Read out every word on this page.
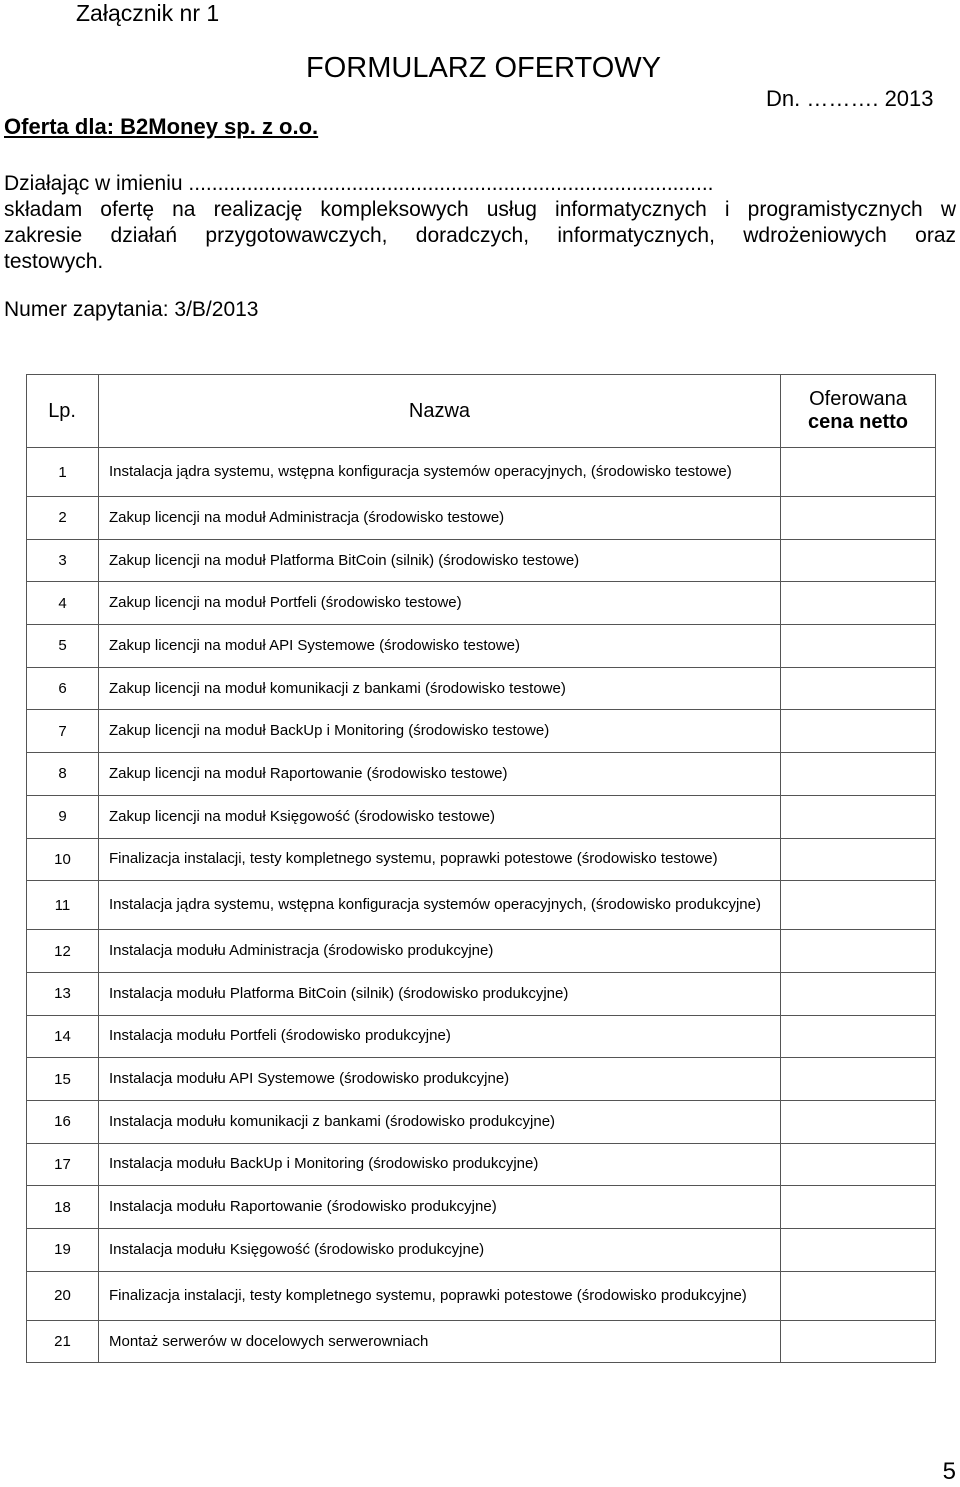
Załącznik nr 1
FORMULARZ OFERTOWY
Oferta dla: B2Money sp. z o.o.
Dn. ………. 2013
Działając w imieniu ..........................................................................................
składam ofertę na realizację kompleksowych usług informatycznych i programistycznych w
zakresie działań przygotowawczych, doradczych, informatycznych, wdrożeniowych oraz
testowych.
Numer zapytania: 3/B/2013
Lp.	Nazwa	Oferowana
cena netto

1	Instalacja jądra systemu, wstępna konfiguracja systemów operacyjnych, (środowisko testowe)	
2	Zakup licencji na moduł Administracja (środowisko testowe)	
3	Zakup licencji na moduł Platforma BitCoin (silnik) (środowisko testowe)	
4	Zakup licencji na moduł Portfeli (środowisko testowe)	
5	Zakup licencji na moduł API Systemowe (środowisko testowe)	
6	Zakup licencji na moduł komunikacji z bankami (środowisko testowe)	
7	Zakup licencji na moduł BackUp i Monitoring (środowisko testowe)	
8	Zakup licencji na moduł Raportowanie (środowisko testowe)	
9	Zakup licencji na moduł Księgowość (środowisko testowe)	
10	Finalizacja instalacji, testy kompletnego systemu, poprawki potestowe (środowisko testowe)	
11	Instalacja jądra systemu, wstępna konfiguracja systemów operacyjnych, (środowisko produkcyjne)	
12	Instalacja modułu Administracja (środowisko produkcyjne)	
13	Instalacja modułu Platforma BitCoin (silnik) (środowisko produkcyjne)	
14	Instalacja modułu Portfeli (środowisko produkcyjne)	
15	Instalacja modułu API Systemowe (środowisko produkcyjne)	
16	Instalacja modułu komunikacji z bankami (środowisko produkcyjne)	
17	Instalacja modułu BackUp i Monitoring (środowisko produkcyjne)	
18	Instalacja modułu Raportowanie (środowisko produkcyjne)	
19	Instalacja modułu Księgowość (środowisko produkcyjne)	
20	Finalizacja instalacji, testy kompletnego systemu, poprawki potestowe (środowisko produkcyjne)	
21	Montaż serwerów w docelowych serwerowniach	
5
